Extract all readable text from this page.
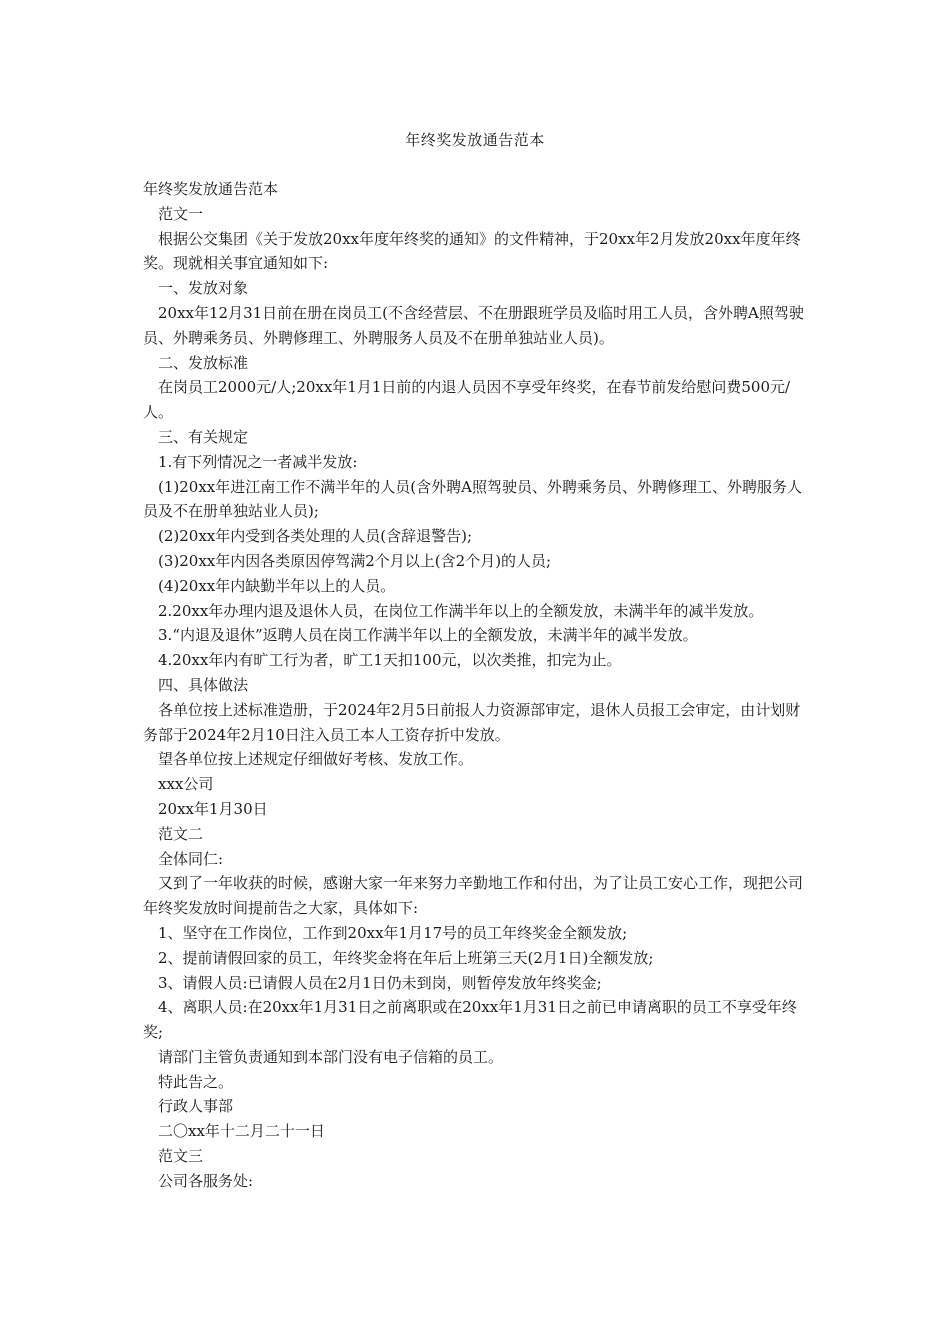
年终奖发放通告范本

年终奖发放通告范本

范文一

根据公交集团《关于发放20xx年度年终奖的通知》的文件精神，于20xx年2月发放20xx年度年终奖。现就相关事宜通知如下:

一、发放对象

20xx年12月31日前在册在岗员工(不含经营层、不在册跟班学员及临时用工人员，含外聘A照驾驶员、外聘乘务员、外聘修理工、外聘服务人员及不在册单独站业人员)。

二、发放标准

在岗员工2000元/人;20xx年1月1日前的内退人员因不享受年终奖，在春节前发给慰问费500元/人。

三、有关规定

1.有下列情况之一者减半发放:

(1)20xx年进江南工作不满半年的人员(含外聘A照驾驶员、外聘乘务员、外聘修理工、外聘服务人员及不在册单独站业人员);

(2)20xx年内受到各类处理的人员(含辞退警告);

(3)20xx年内因各类原因停驾满2个月以上(含2个月)的人员;

(4)20xx年内缺勤半年以上的人员。

2.20xx年办理内退及退休人员，在岗位工作满半年以上的全额发放，未满半年的减半发放。

3.“内退及退休”返聘人员在岗工作满半年以上的全额发放，未满半年的减半发放。

4.20xx年内有旷工行为者，旷工1天扣100元，以次类推，扣完为止。

四、具体做法

各单位按上述标准造册，于2024年2月5日前报人力资源部审定，退休人员报工会审定，由计划财务部于2024年2月10日注入员工本人工资存折中发放。

望各单位按上述规定仔细做好考核、发放工作。

xxx公司

20xx年1月30日

范文二

全体同仁:

又到了一年收获的时候，感谢大家一年来努力辛勤地工作和付出，为了让员工安心工作，现把公司年终奖发放时间提前告之大家，具体如下:

1、坚守在工作岗位，工作到20xx年1月17号的员工年终奖金全额发放;

2、提前请假回家的员工，年终奖金将在年后上班第三天(2月1日)全额发放;

3、请假人员:已请假人员在2月1日仍未到岗，则暂停发放年终奖金;

4、离职人员:在20xx年1月31日之前离职或在20xx年1月31日之前已申请离职的员工不享受年终奖;

请部门主管负责通知到本部门没有电子信箱的员工。

特此告之。

行政人事部

二〇xx年十二月二十一日

范文三

公司各服务处:
